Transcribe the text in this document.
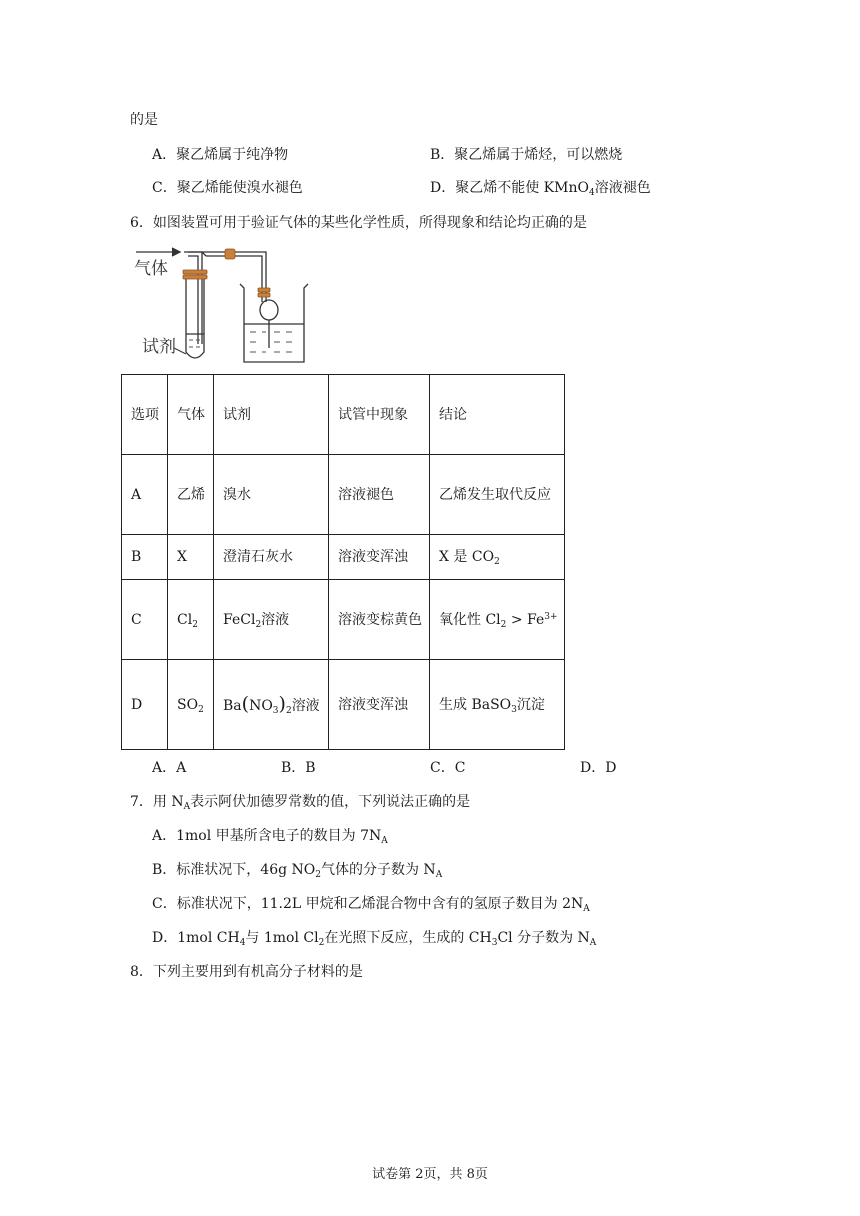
的是
A．聚乙烯属于纯净物	B．聚乙烯属于烯烃，可以燃烧
C．聚乙烯能使溴水褪色	D．聚乙烯不能使 KMnO$_4$溶液褪色
6．如图装置可用于验证气体的某些化学性质，所得现象和结论均正确的是
气体
试剂
选项	气体	试剂	试管中现象	结论
A	乙烯	溴水	溶液褪色	乙烯发生取代反应
B	X	澄清石灰水	溶液变浑浊	X 是 $CO_2$
C	$Cl_2$	FeCl$_2$溶液	溶液变棕黄色	氧化性 $Cl_2 > Fe^{3+}$
D	$SO_2$	$Ba(NO_3)_2$溶液	溶液变浑浊	生成 BaSO$_3$沉淀
A．A	B．B	C．C	D．D
7．用 $N_A$表示阿伏加德罗常数的值，下列说法正确的是
A．1mol 甲基所含电子的数目为 $7N_A$
B．标准状况下，46g $NO_2$气体的分子数为 $N_A$
C．标准状况下，11.2L 甲烷和乙烯混合物中含有的氢原子数目为 $2N_A$
D．1mol $CH_4$与 1mol $Cl_2$在光照下反应，生成的 $CH_3Cl$ 分子数为 $N_A$
8．下列主要用到有机高分子材料的是
试卷第 2页，共 8页
